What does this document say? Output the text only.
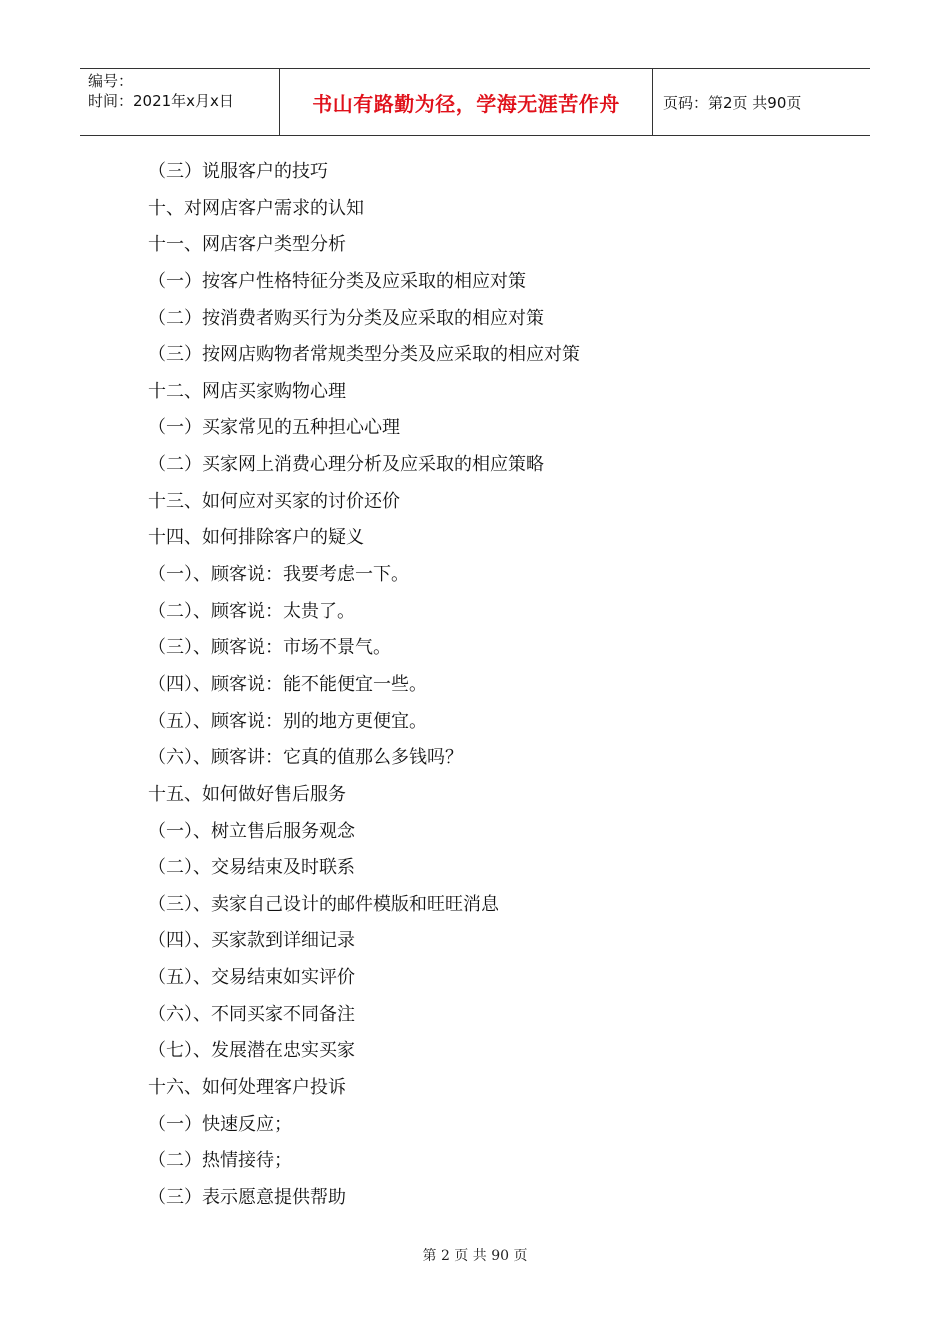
编号：
时间：2021年x月x日	书山有路勤为径，学海无涯苦作舟	页码：第2页 共90页
（三）说服客户的技巧
十、对网店客户需求的认知
十一、网店客户类型分析
（一）按客户性格特征分类及应采取的相应对策
（二）按消费者购买行为分类及应采取的相应对策
（三）按网店购物者常规类型分类及应采取的相应对策
十二、网店买家购物心理
（一）买家常见的五种担心心理
（二）买家网上消费心理分析及应采取的相应策略
十三、如何应对买家的讨价还价
十四、如何排除客户的疑义
（一）、顾客说：我要考虑一下。
（二）、顾客说：太贵了。
（三）、顾客说：市场不景气。
（四）、顾客说：能不能便宜一些。
（五）、顾客说：别的地方更便宜。
（六）、顾客讲：它真的值那么多钱吗？
十五、如何做好售后服务
（一）、树立售后服务观念
（二）、交易结束及时联系
（三）、卖家自己设计的邮件模版和旺旺消息
（四）、买家款到详细记录
（五）、交易结束如实评价
（六）、不同买家不同备注
（七）、发展潜在忠实买家
十六、如何处理客户投诉
（一）快速反应；
（二）热情接待；
（三）表示愿意提供帮助
第 2 页 共 90 页
